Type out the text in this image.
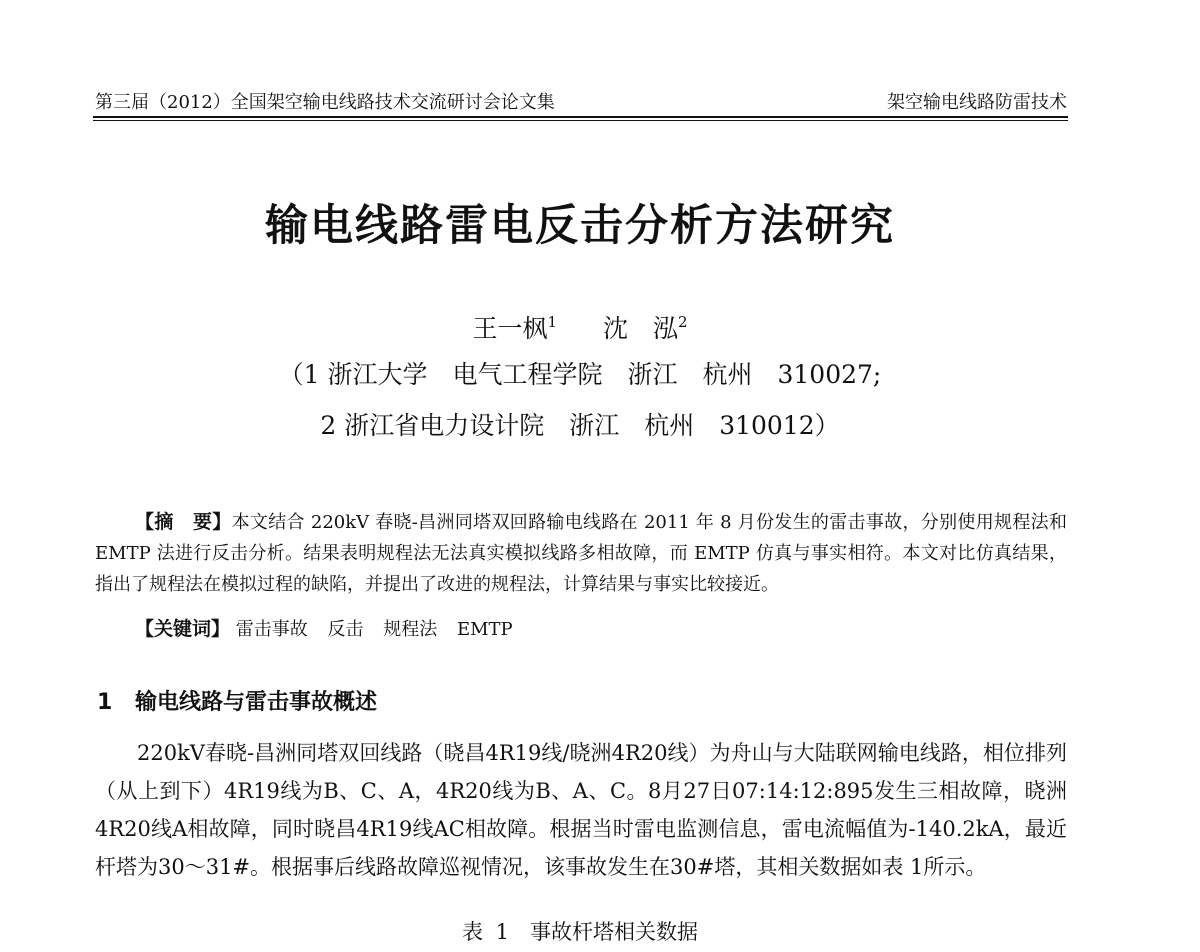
第三届（2012）全国架空输电线路技术交流研讨会论文集	架空输电线路防雷技术
输电线路雷电反击分析方法研究
王一枫$^1$ 沈　泓$^2$
（1 浙江大学　电气工程学院　浙江　杭州　310027;
2 浙江省电力设计院　浙江　杭州　310012）
【摘　要】本文结合 220kV 春晓-昌洲同塔双回路输电线路在 2011 年 8 月份发生的雷击事故，分别使用规程法和 EMTP 法进行反击分析。结果表明规程法无法真实模拟线路多相故障，而 EMTP 仿真与事实相符。本文对比仿真结果，指出了规程法在模拟过程的缺陷，并提出了改进的规程法，计算结果与事实比较接近。
【关键词】 雷击事故 反击 规程法 EMTP
1 输电线路与雷击事故概述
220kV春晓-昌洲同塔双回线路（晓昌4R19线/晓洲4R20线）为舟山与大陆联网输电线路，相位排列（从上到下）4R19线为B、C、A，4R20线为B、A、C。8月27日07:14:12:895发生三相故障，晓洲4R20线A相故障，同时晓昌4R19线AC相故障。根据当时雷电监测信息，雷电流幅值为-140.2kA，最近杆塔为30～31#。根据事后线路故障巡视情况，该事故发生在30#塔，其相关数据如表 1所示。
表 1　事故杆塔相关数据
